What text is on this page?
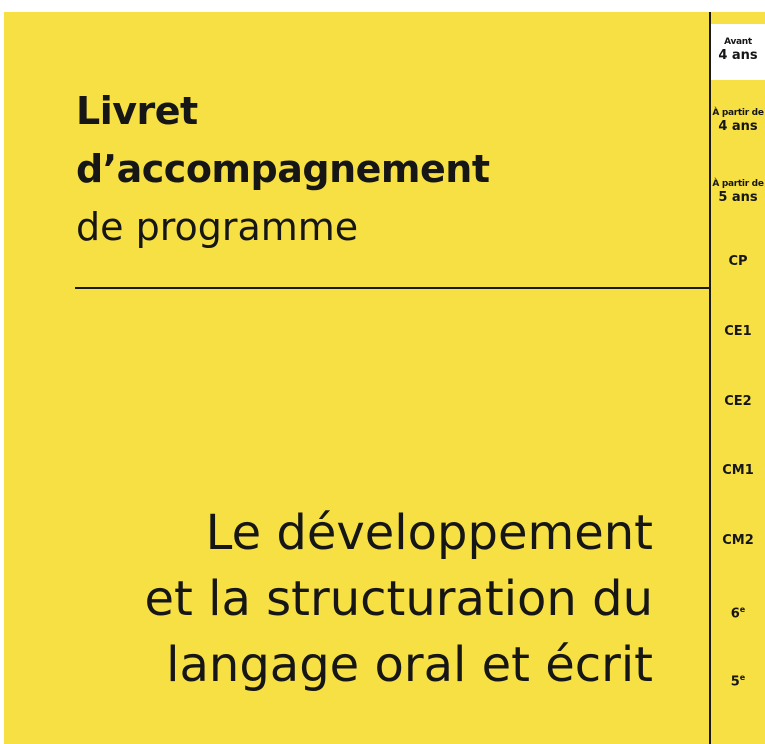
Livret
d’accompagnement
de programme
Le développement
et la structuration du
langage oral et écrit
Avant
4 ans
À partir de
4 ans
À partir de
5 ans
CP
CE1
CE2
CM1
CM2
6e
5e
